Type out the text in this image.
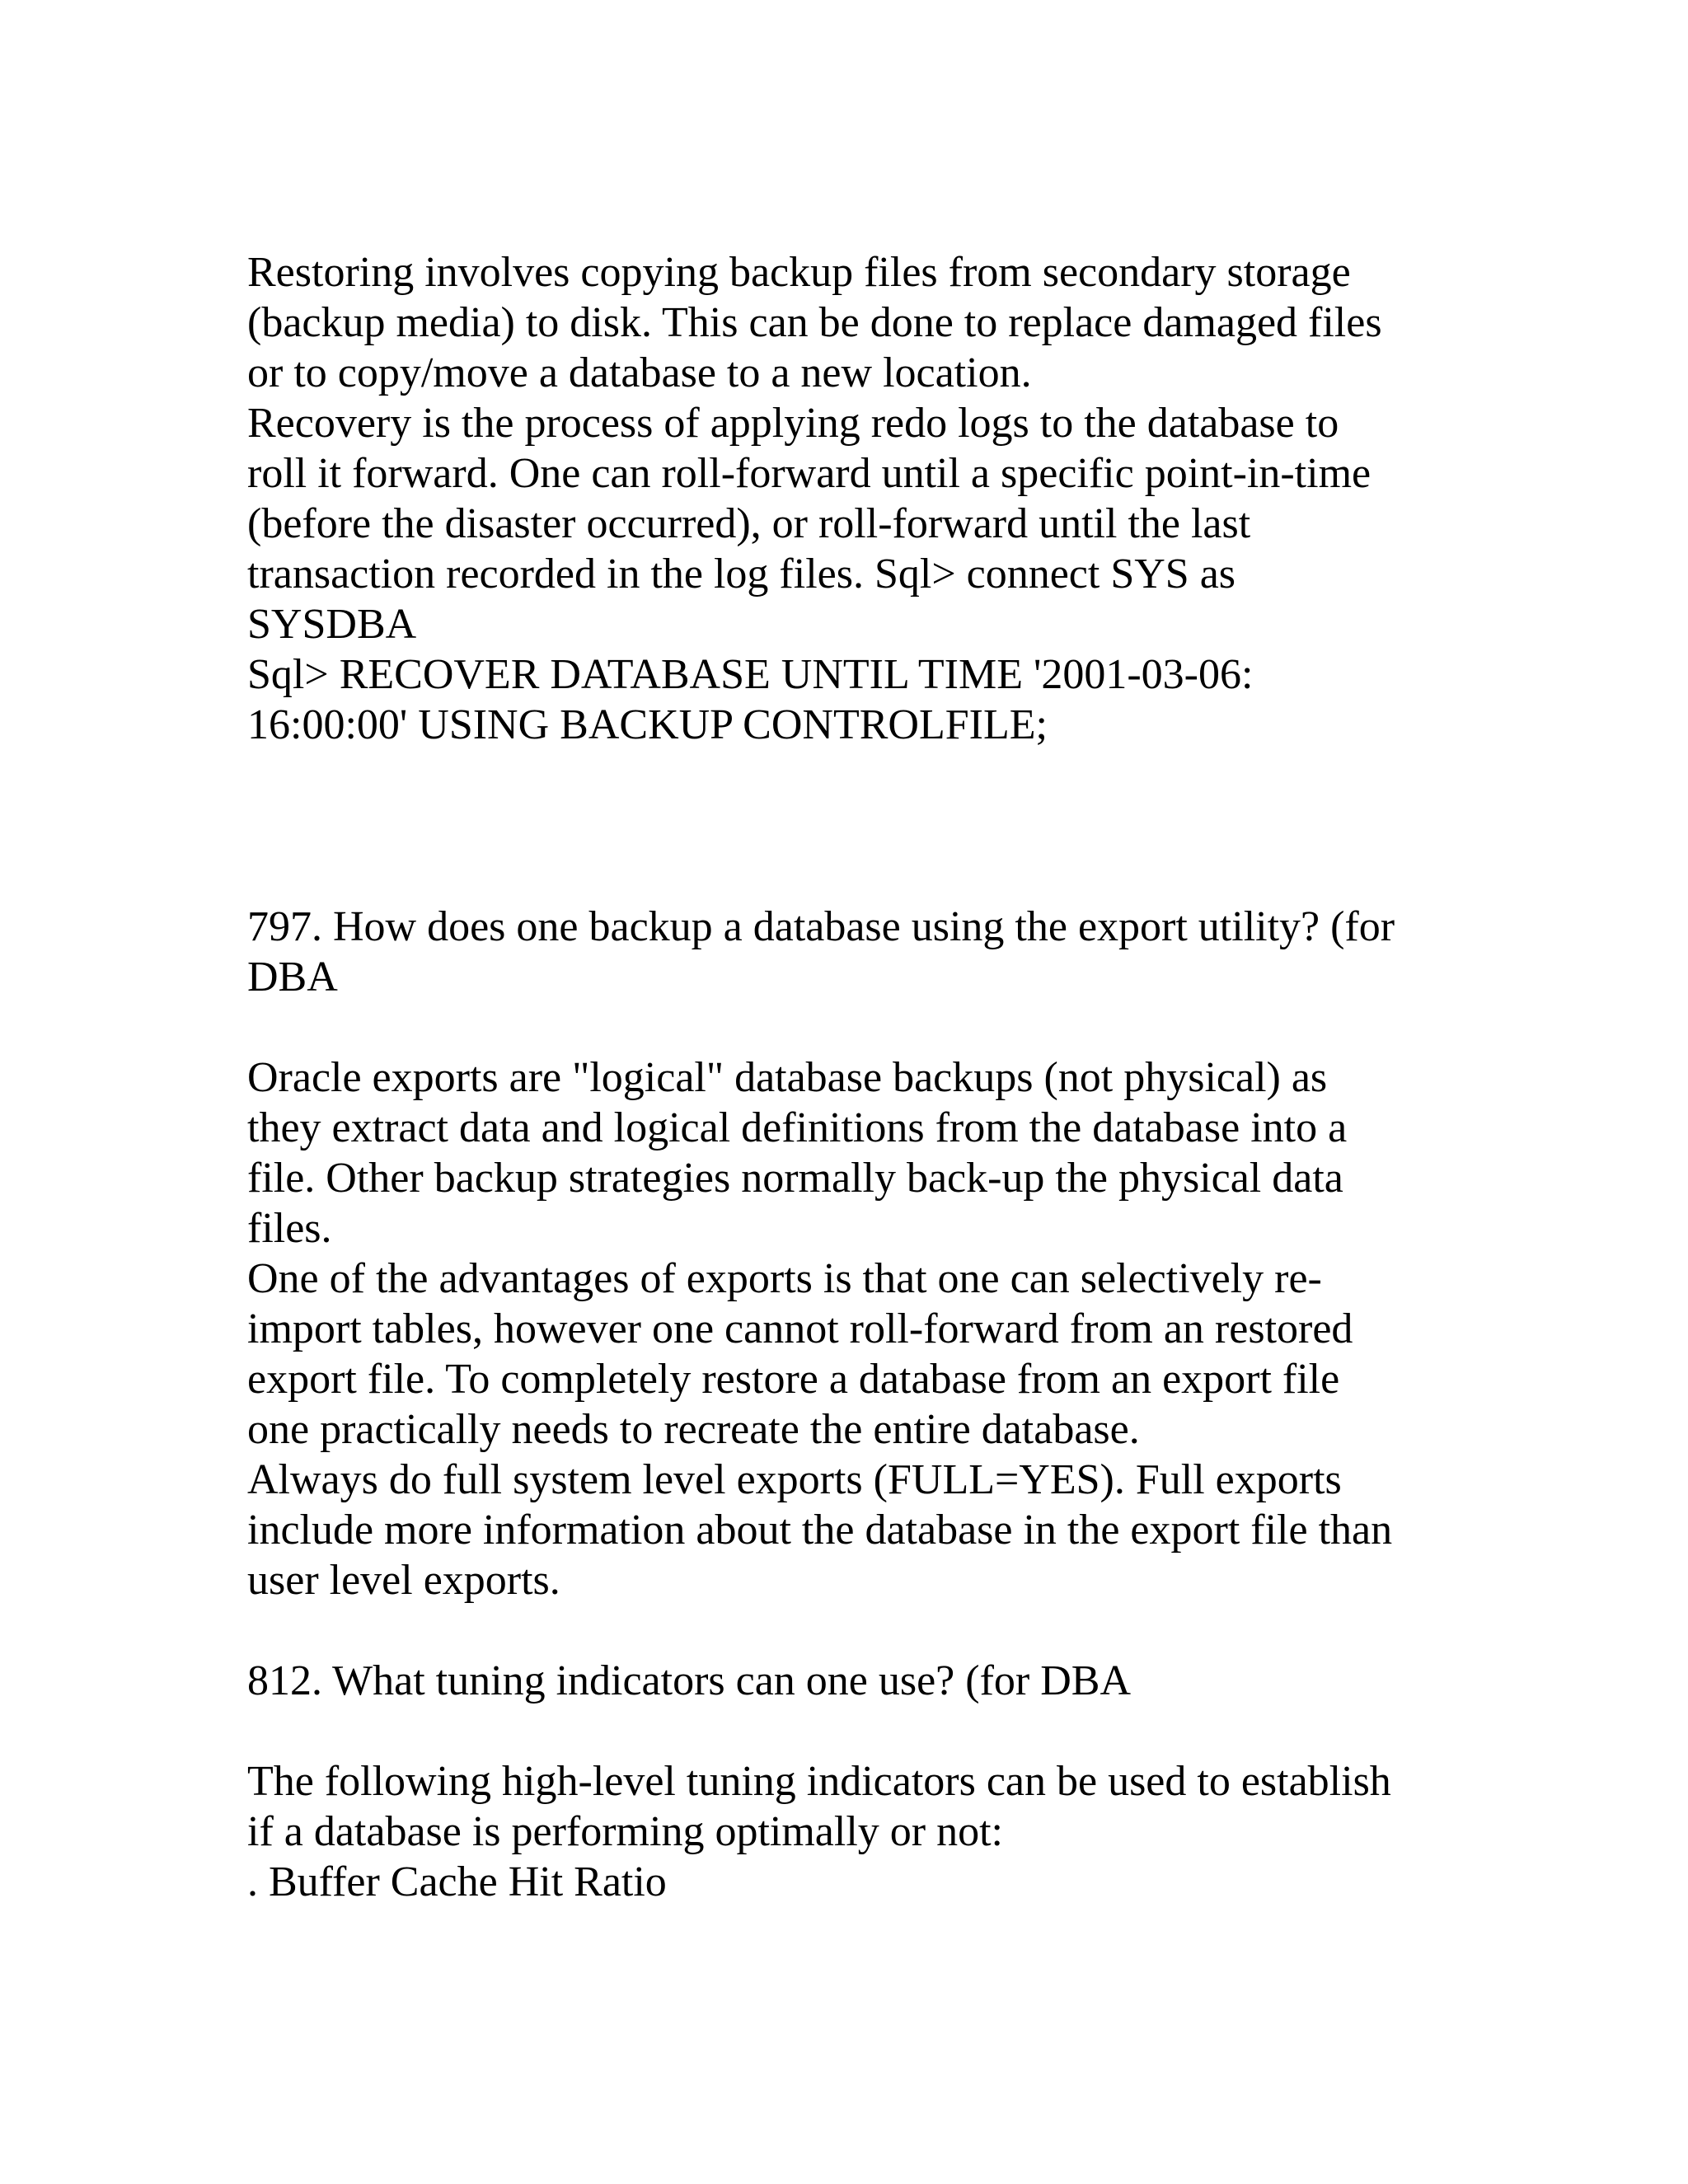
Restoring involves copying backup files from secondary storage
(backup media) to disk. This can be done to replace damaged files
or to copy/move a database to a new location.
Recovery is the process of applying redo logs to the database to
roll it forward. One can roll-forward until a specific point-in-time
(before the disaster occurred), or roll-forward until the last
transaction recorded in the log files. Sql> connect SYS as
SYSDBA
Sql> RECOVER DATABASE UNTIL TIME '2001-03-06:
16:00:00' USING BACKUP CONTROLFILE;
797. How does one backup a database using the export utility? (for
DBA
Oracle exports are "logical" database backups (not physical) as
they extract data and logical definitions from the database into a
file. Other backup strategies normally back-up the physical data
files.
One of the advantages of exports is that one can selectively re-
import tables, however one cannot roll-forward from an restored
export file. To completely restore a database from an export file
one practically needs to recreate the entire database.
Always do full system level exports (FULL=YES). Full exports
include more information about the database in the export file than
user level exports.
812. What tuning indicators can one use? (for DBA
The following high-level tuning indicators can be used to establish
if a database is performing optimally or not:
. Buffer Cache Hit Ratio
